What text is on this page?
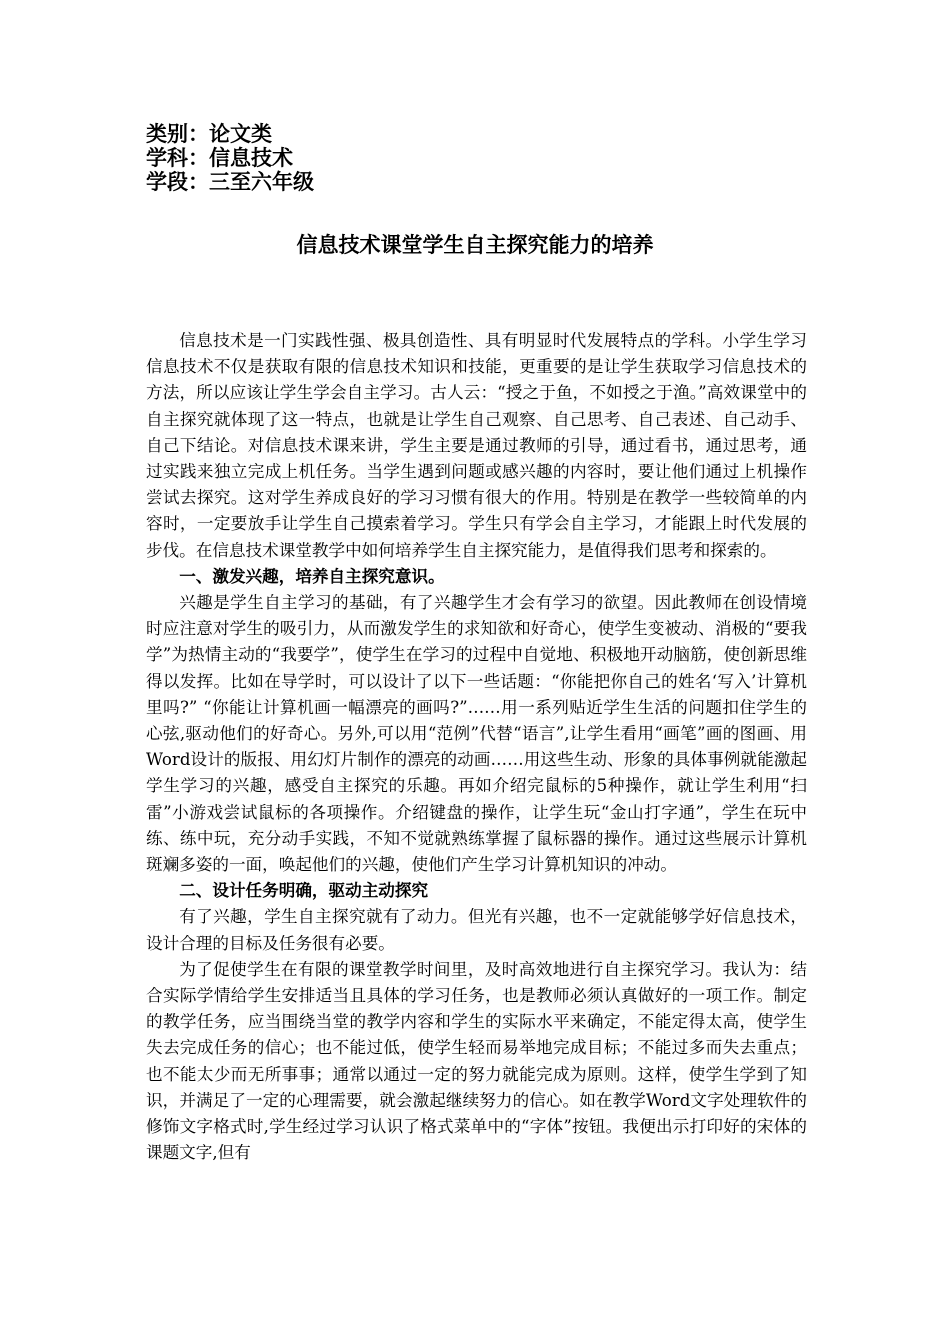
类别：论文类
学科：信息技术
学段：三至六年级
信息技术课堂学生自主探究能力的培养

信息技术是一门实践性强、极具创造性、具有明显时代发展特点的学科。小学生学习信息技术不仅是获取有限的信息技术知识和技能，更重要的是让学生获取学习信息技术的方法，所以应该让学生学会自主学习。古人云：“授之于鱼，不如授之于渔。”高效课堂中的自主探究就体现了这一特点，也就是让学生自己观察、自己思考、自己表述、自己动手、自己下结论。对信息技术课来讲，学生主要是通过教师的引导，通过看书，通过思考，通过实践来独立完成上机任务。当学生遇到问题或感兴趣的内容时，要让他们通过上机操作尝试去探究。这对学生养成良好的学习习惯有很大的作用。特别是在教学一些较简单的内容时，一定要放手让学生自己摸索着学习。学生只有学会自主学习，才能跟上时代发展的步伐。在信息技术课堂教学中如何培养学生自主探究能力，是值得我们思考和探索的。

一、激发兴趣，培养自主探究意识。

兴趣是学生自主学习的基础，有了兴趣学生才会有学习的欲望。因此教师在创设情境时应注意对学生的吸引力，从而激发学生的求知欲和好奇心，使学生变被动、消极的“要我学”为热情主动的“我要学”，使学生在学习的过程中自觉地、积极地开动脑筋，使创新思维得以发挥。比如在导学时，可以设计了以下一些话题：“你能把你自己的姓名‘写入’计算机里吗?” “你能让计算机画一幅漂亮的画吗?”……用一系列贴近学生生活的问题扣住学生的心弦,驱动他们的好奇心。另外,可以用“范例”代替“语言”,让学生看用“画笔”画的图画、用Word设计的版报、用幻灯片制作的漂亮的动画……用这些生动、形象的具体事例就能激起学生学习的兴趣，感受自主探究的乐趣。再如介绍完鼠标的5种操作，就让学生利用“扫雷”小游戏尝试鼠标的各项操作。介绍键盘的操作，让学生玩“金山打字通”，学生在玩中练、练中玩，充分动手实践，不知不觉就熟练掌握了鼠标器的操作。通过这些展示计算机斑斓多姿的一面，唤起他们的兴趣，使他们产生学习计算机知识的冲动。

二、设计任务明确，驱动主动探究

有了兴趣，学生自主探究就有了动力。但光有兴趣，也不一定就能够学好信息技术，设计合理的目标及任务很有必要。

为了促使学生在有限的课堂教学时间里，及时高效地进行自主探究学习。我认为：结合实际学情给学生安排适当且具体的学习任务，也是教师必须认真做好的一项工作。制定的教学任务，应当围绕当堂的教学内容和学生的实际水平来确定，不能定得太高，使学生失去完成任务的信心；也不能过低，使学生轻而易举地完成目标；不能过多而失去重点；也不能太少而无所事事；通常以通过一定的努力就能完成为原则。这样，使学生学到了知识，并满足了一定的心理需要，就会激起继续努力的信心。如在教学Word文字处理软件的修饰文字格式时,学生经过学习认识了格式菜单中的“字体”按钮。我便出示打印好的宋体的课题文字,但有
